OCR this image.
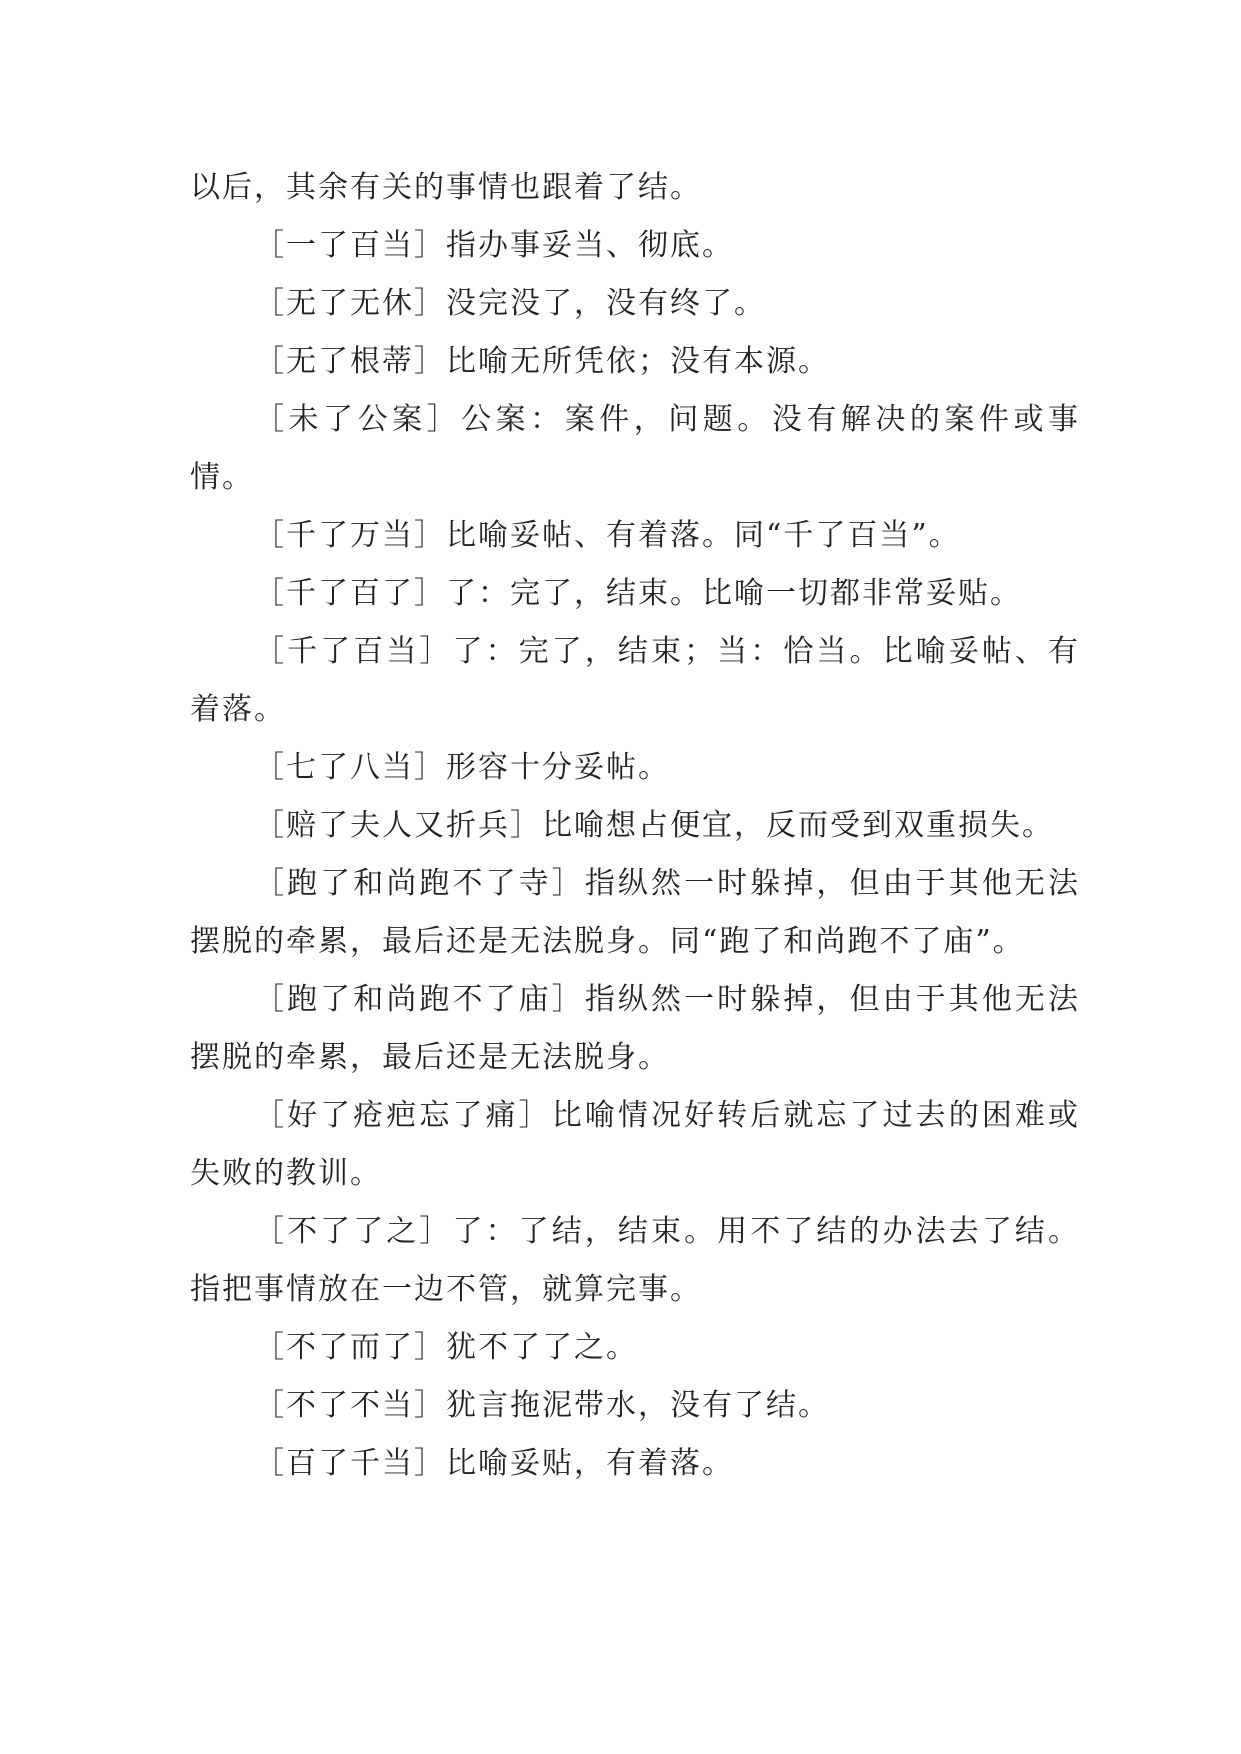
以后，其余有关的事情也跟着了结。

［一了百当］指办事妥当、彻底。

［无了无休］没完没了，没有终了。

［无了根蒂］比喻无所凭依；没有本源。

［未了公案］公案：案件，问题。没有解决的案件或事情。

［千了万当］比喻妥帖、有着落。同“千了百当”。

［千了百了］了：完了，结束。比喻一切都非常妥贴。

［千了百当］了：完了，结束；当：恰当。比喻妥帖、有着落。

［七了八当］形容十分妥帖。

［赔了夫人又折兵］比喻想占便宜，反而受到双重损失。

［跑了和尚跑不了寺］指纵然一时躲掉，但由于其他无法摆脱的牵累，最后还是无法脱身。同“跑了和尚跑不了庙”。

［跑了和尚跑不了庙］指纵然一时躲掉，但由于其他无法摆脱的牵累，最后还是无法脱身。

［好了疮疤忘了痛］比喻情况好转后就忘了过去的困难或失败的教训。

［不了了之］了：了结，结束。用不了结的办法去了结。指把事情放在一边不管，就算完事。

［不了而了］犹不了了之。

［不了不当］犹言拖泥带水，没有了结。

［百了千当］比喻妥贴，有着落。
